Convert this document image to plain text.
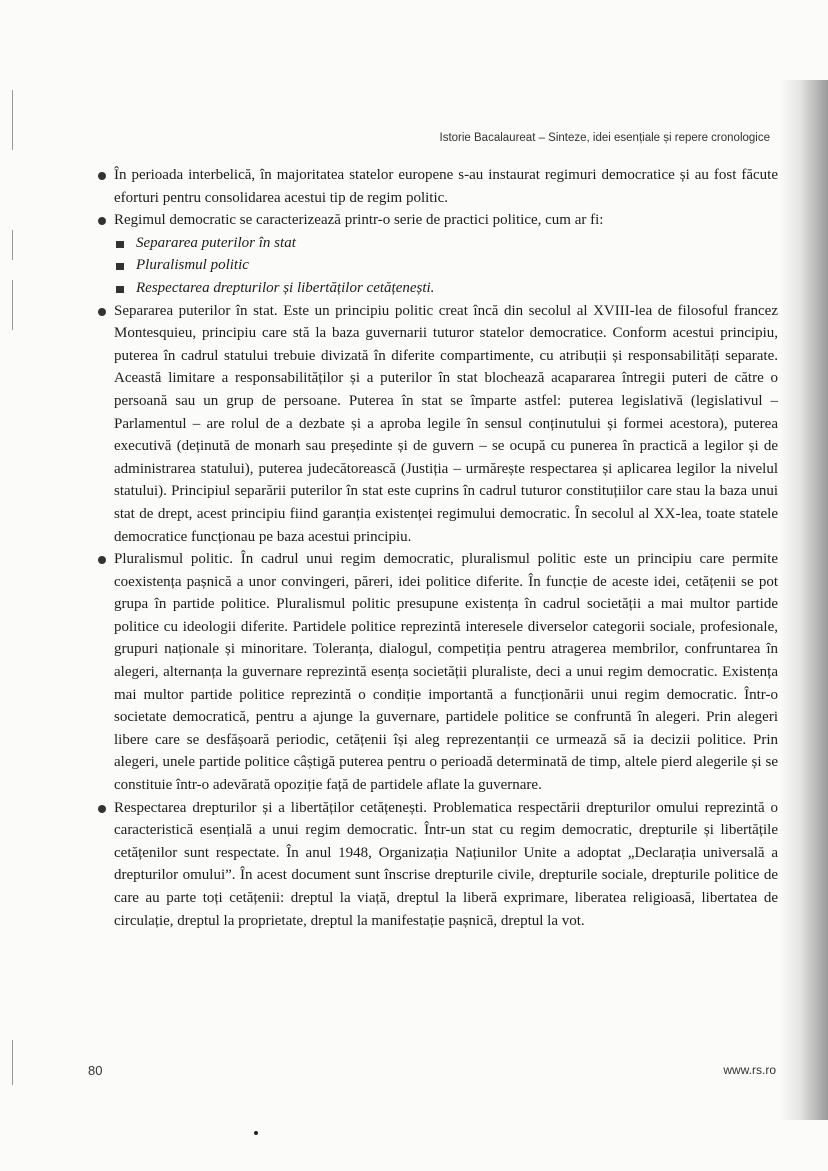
Istorie Bacalaureat – Sinteze, idei esențiale și repere cronologice

În perioada interbelică, în majoritatea statelor europene s-au instaurat regimuri democratice și au fost făcute eforturi pentru consolidarea acestui tip de regim politic.

Regimul democratic se caracterizează printr-o serie de practici politice, cum ar fi:

Separarea puterilor în stat

Pluralismul politic

Respectarea drepturilor și libertăților cetățenești.

Separarea puterilor în stat. Este un principiu politic creat încă din secolul al XVIII-lea de filosoful francez Montesquieu, principiu care stă la baza guvernarii tuturor statelor democratice. Conform acestui principiu, puterea în cadrul statului trebuie divizată în diferite compartimente, cu atribuții și responsabilități separate. Această limitare a responsabilităților și a puterilor în stat blochează acapararea întregii puteri de către o persoană sau un grup de persoane. Puterea în stat se împarte astfel: puterea legislativă (legislativul – Parlamentul – are rolul de a dezbate și a aproba legile în sensul conținutului și formei acestora), puterea executivă (deținută de monarh sau președinte și de guvern – se ocupă cu punerea în practică a legilor și de administrarea statului), puterea judecătorească (Justiția – urmărește respectarea și aplicarea legilor la nivelul statului). Principiul separării puterilor în stat este cuprins în cadrul tuturor constituțiilor care stau la baza unui stat de drept, acest principiu fiind garanția existenței regimului democratic. În secolul al XX-lea, toate statele democratice funcționau pe baza acestui principiu.

Pluralismul politic. În cadrul unui regim democratic, pluralismul politic este un principiu care permite coexistența pașnică a unor convingeri, păreri, idei politice diferite. În funcție de aceste idei, cetățenii se pot grupa în partide politice. Pluralismul politic presupune existența în cadrul societății a mai multor partide politice cu ideologii diferite. Partidele politice reprezintă interesele diverselor categorii sociale, profesionale, grupuri naționale și minoritare. Toleranța, dialogul, competiția pentru atragerea membrilor, confruntarea în alegeri, alternanța la guvernare reprezintă esența societății pluraliste, deci a unui regim democratic. Existența mai multor partide politice reprezintă o condiție importantă a funcționării unui regim democratic. Într-o societate democratică, pentru a ajunge la guvernare, partidele politice se confruntă în alegeri. Prin alegeri libere care se desfășoară periodic, cetățenii își aleg reprezentanții ce urmează să ia decizii politice. Prin alegeri, unele partide politice câștigă puterea pentru o perioadă determinată de timp, altele pierd alegerile și se constituie într-o adevărată opoziție față de partidele aflate la guvernare.

Respectarea drepturilor și a libertăților cetățenești. Problematica respectării drepturilor omului reprezintă o caracteristică esențială a unui regim democratic. Într-un stat cu regim democratic, drepturile și libertățile cetățenilor sunt respectate. În anul 1948, Organizația Națiunilor Unite a adoptat „Declarația universală a drepturilor omului”. În acest document sunt înscrise drepturile civile, drepturile sociale, drepturile politice de care au parte toți cetățenii: dreptul la viață, dreptul la liberă exprimare, liberatea religioasă, libertatea de circulație, dreptul la proprietate, dreptul la manifestație pașnică, dreptul la vot.

80	www.rs.ro
